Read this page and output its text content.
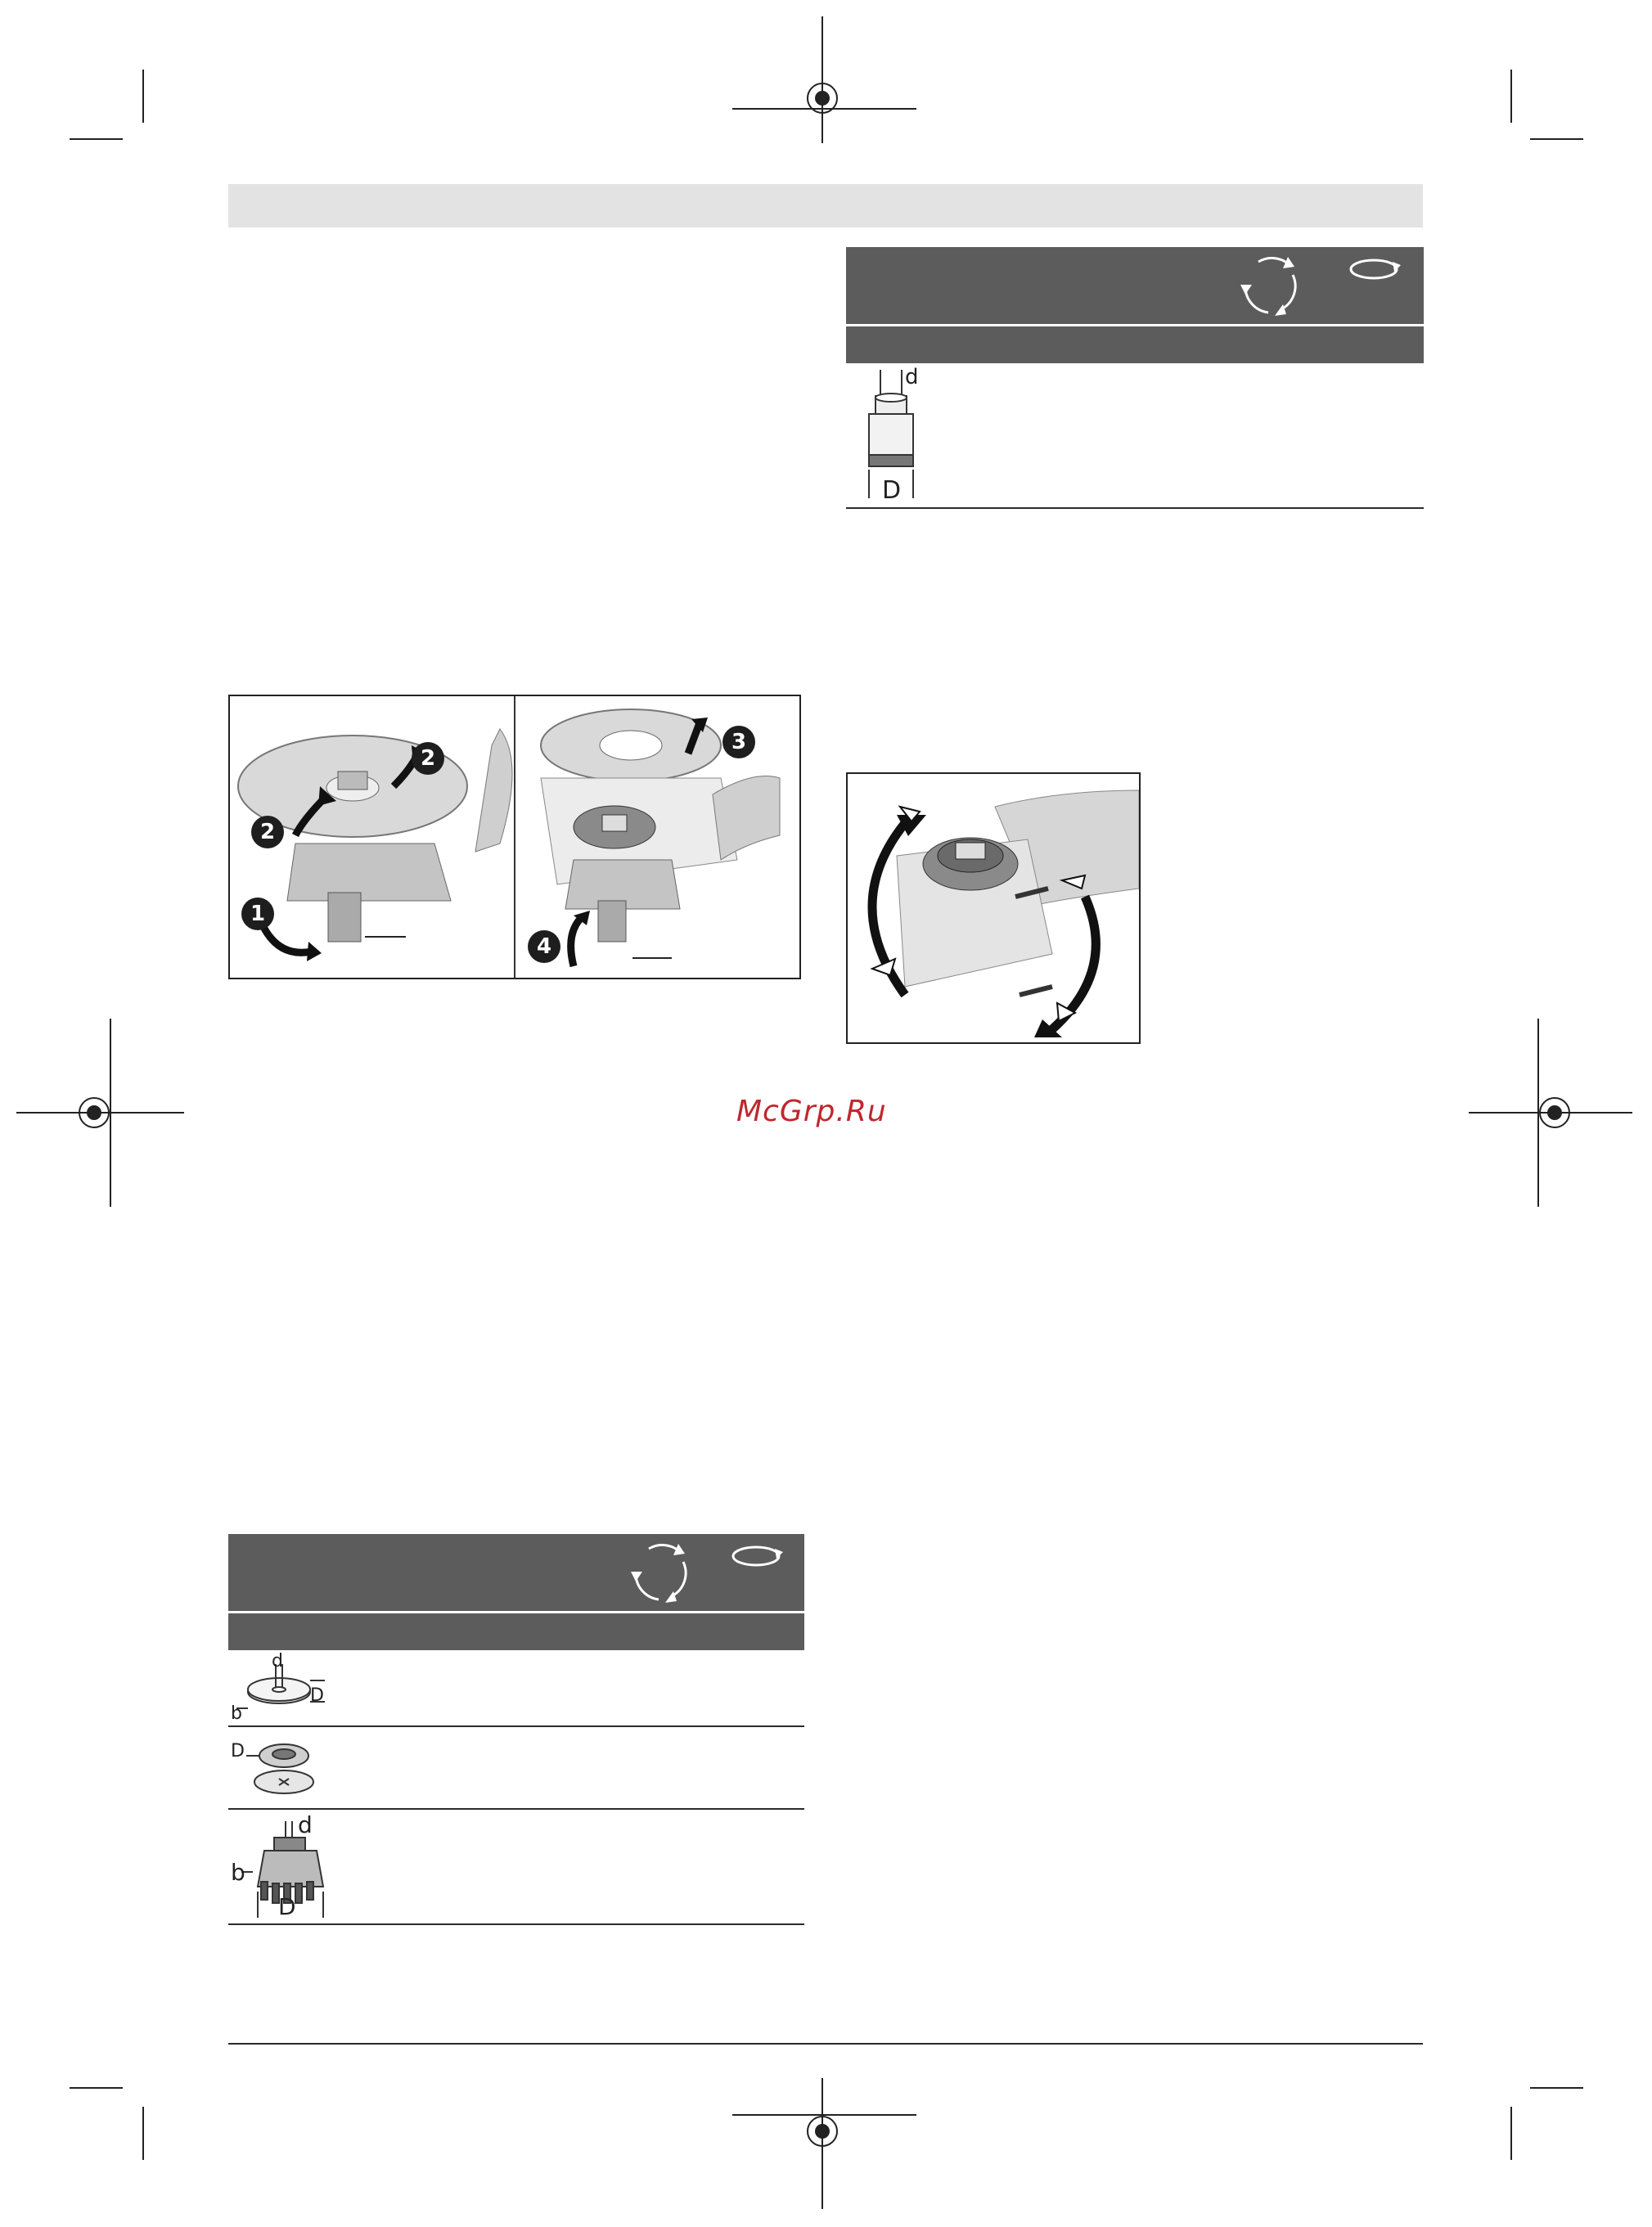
d
D
1
2
2
3
4
McGrp.Ru
d
D
b
D
d
b
D
